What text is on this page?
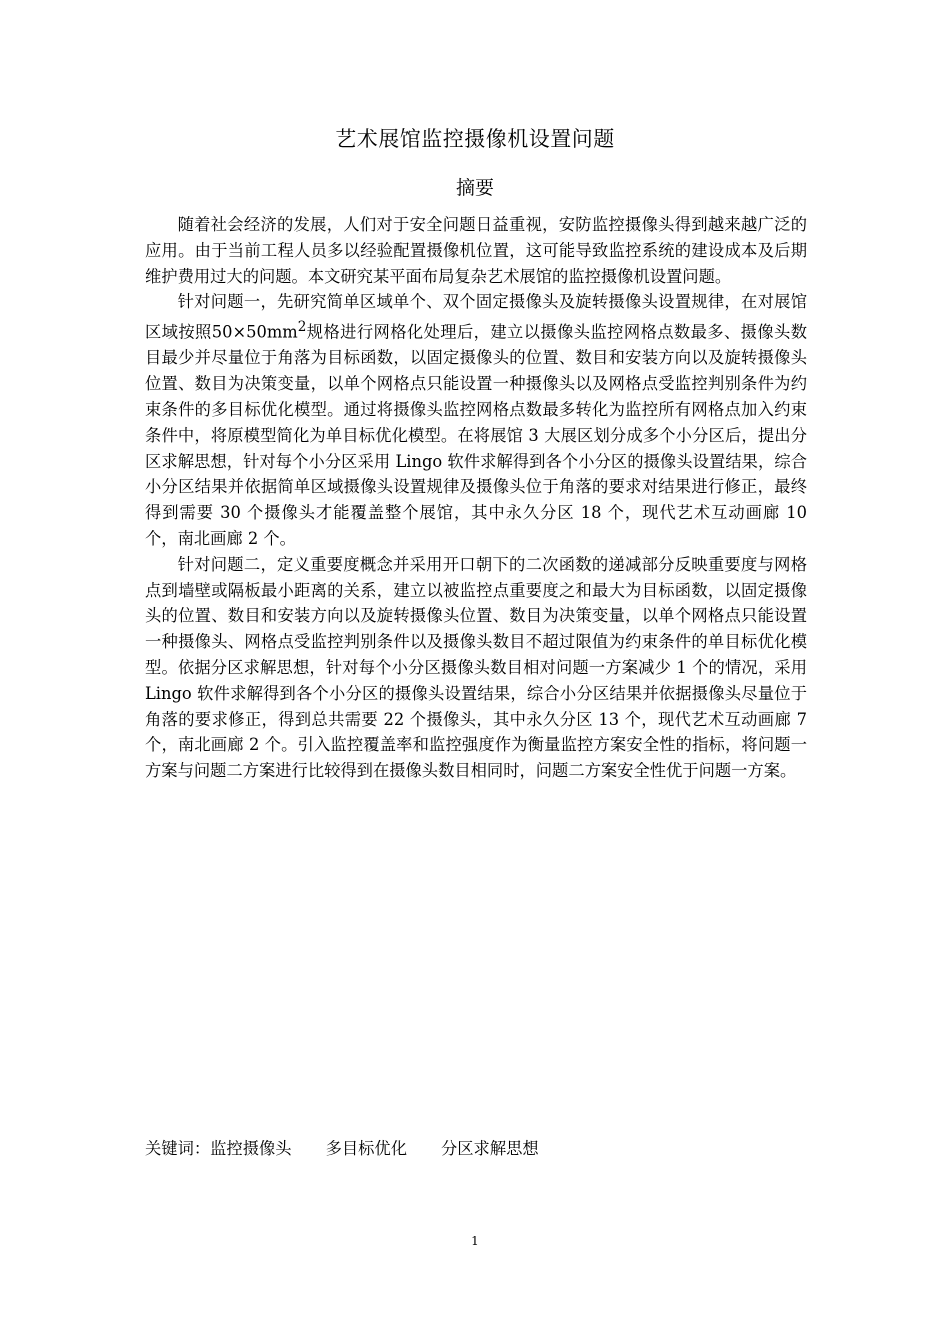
艺术展馆监控摄像机设置问题
摘要

随着社会经济的发展，人们对于安全问题日益重视，安防监控摄像头得到越来越广泛的应用。由于当前工程人员多以经验配置摄像机位置，这可能导致监控系统的建设成本及后期维护费用过大的问题。本文研究某平面布局复杂艺术展馆的监控摄像机设置问题。

针对问题一，先研究简单区域单个、双个固定摄像头及旋转摄像头设置规律，在对展馆区域按照$50\times 50mm^2$规格进行网格化处理后，建立以摄像头监控网格点数最多、摄像头数目最少并尽量位于角落为目标函数，以固定摄像头的位置、数目和安装方向以及旋转摄像头位置、数目为决策变量，以单个网格点只能设置一种摄像头以及网格点受监控判别条件为约束条件的多目标优化模型。通过将摄像头监控网格点数最多转化为监控所有网格点加入约束条件中，将原模型简化为单目标优化模型。在将展馆 3 大展区划分成多个小分区后，提出分区求解思想，针对每个小分区采用 Lingo 软件求解得到各个小分区的摄像头设置结果，综合小分区结果并依据简单区域摄像头设置规律及摄像头位于角落的要求对结果进行修正，最终得到需要 30 个摄像头才能覆盖整个展馆，其中永久分区 18 个，现代艺术互动画廊 10 个，南北画廊 2 个。

针对问题二，定义重要度概念并采用开口朝下的二次函数的递减部分反映重要度与网格点到墙壁或隔板最小距离的关系，建立以被监控点重要度之和最大为目标函数，以固定摄像头的位置、数目和安装方向以及旋转摄像头位置、数目为决策变量，以单个网格点只能设置一种摄像头、网格点受监控判别条件以及摄像头数目不超过限值为约束条件的单目标优化模型。依据分区求解思想，针对每个小分区摄像头数目相对问题一方案减少 1 个的情况，采用 Lingo 软件求解得到各个小分区的摄像头设置结果，综合小分区结果并依据摄像头尽量位于角落的要求修正，得到总共需要 22 个摄像头，其中永久分区 13 个，现代艺术互动画廊 7 个，南北画廊 2 个。引入监控覆盖率和监控强度作为衡量监控方案安全性的指标，将问题一方案与问题二方案进行比较得到在摄像头数目相同时，问题二方案安全性优于问题一方案。

关键词：监控摄像头 多目标优化 分区求解思想
1
